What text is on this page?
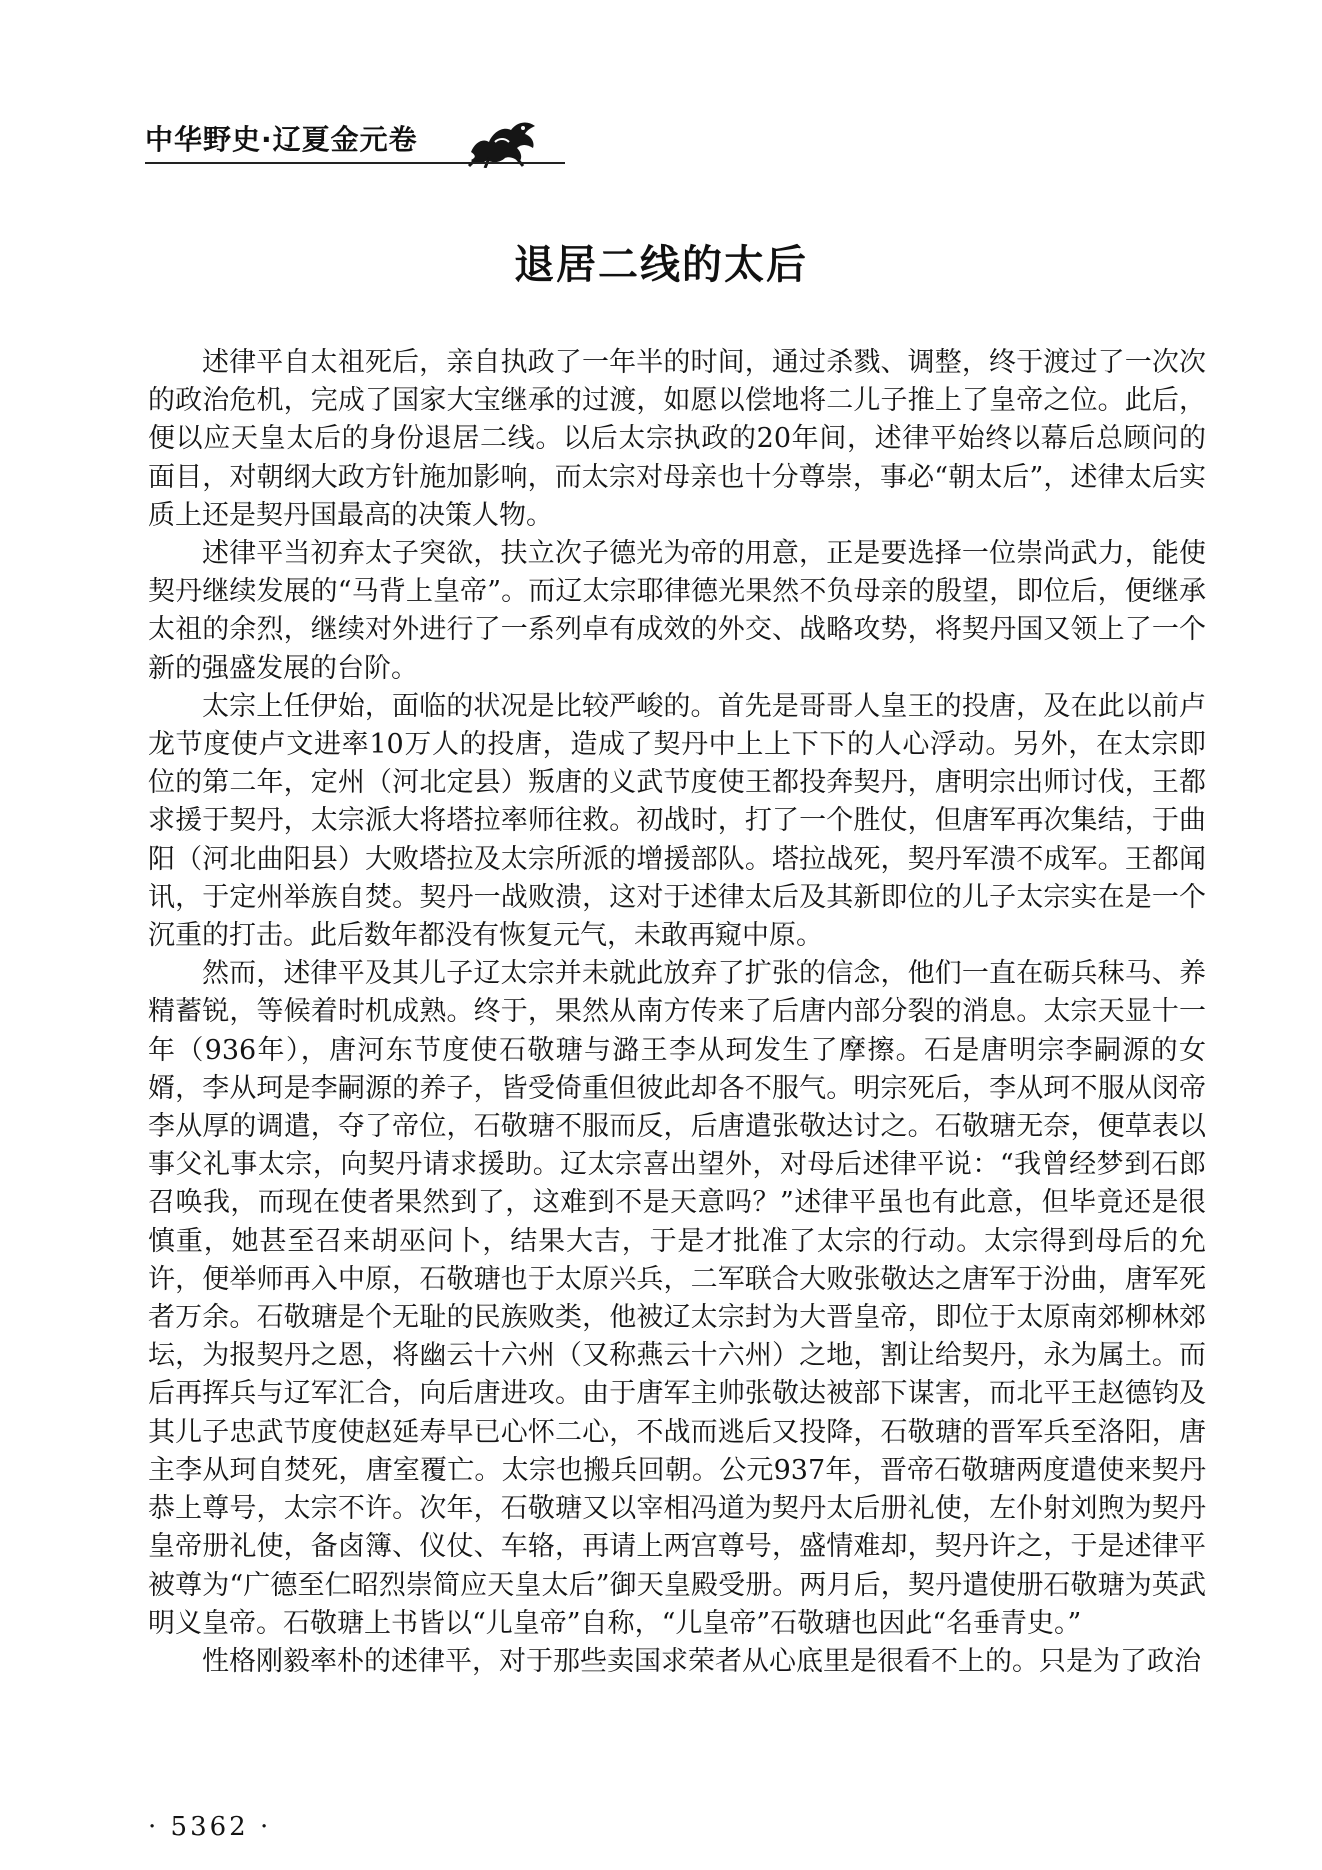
中华野史·辽夏金元卷
退居二线的太后

述律平自太祖死后，亲自执政了一年半的时间，通过杀戮、调整，终于渡过了一次次的政治危机，完成了国家大宝继承的过渡，如愿以偿地将二儿子推上了皇帝之位。此后，便以应天皇太后的身份退居二线。以后太宗执政的20年间，述律平始终以幕后总顾问的面目，对朝纲大政方针施加影响，而太宗对母亲也十分尊崇，事必“朝太后”，述律太后实质上还是契丹国最高的决策人物。

述律平当初弃太子突欲，扶立次子德光为帝的用意，正是要选择一位崇尚武力，能使契丹继续发展的“马背上皇帝”。而辽太宗耶律德光果然不负母亲的殷望，即位后，便继承太祖的余烈，继续对外进行了一系列卓有成效的外交、战略攻势，将契丹国又领上了一个新的强盛发展的台阶。

太宗上任伊始，面临的状况是比较严峻的。首先是哥哥人皇王的投唐，及在此以前卢龙节度使卢文进率10万人的投唐，造成了契丹中上上下下的人心浮动。另外，在太宗即位的第二年，定州（河北定县）叛唐的义武节度使王都投奔契丹，唐明宗出师讨伐，王都求援于契丹，太宗派大将塔拉率师往救。初战时，打了一个胜仗，但唐军再次集结，于曲阳（河北曲阳县）大败塔拉及太宗所派的增援部队。塔拉战死，契丹军溃不成军。王都闻讯，于定州举族自焚。契丹一战败溃，这对于述律太后及其新即位的儿子太宗实在是一个沉重的打击。此后数年都没有恢复元气，未敢再窥中原。

然而，述律平及其儿子辽太宗并未就此放弃了扩张的信念，他们一直在砺兵秣马、养精蓄锐，等候着时机成熟。终于，果然从南方传来了后唐内部分裂的消息。太宗天显十一年（936年），唐河东节度使石敬瑭与潞王李从珂发生了摩擦。石是唐明宗李嗣源的女婿，李从珂是李嗣源的养子，皆受倚重但彼此却各不服气。明宗死后，李从珂不服从闵帝李从厚的调遣，夺了帝位，石敬瑭不服而反，后唐遣张敬达讨之。石敬瑭无奈，便草表以事父礼事太宗，向契丹请求援助。辽太宗喜出望外，对母后述律平说：“我曾经梦到石郎召唤我，而现在使者果然到了，这难到不是天意吗？”述律平虽也有此意，但毕竟还是很慎重，她甚至召来胡巫问卜，结果大吉，于是才批准了太宗的行动。太宗得到母后的允许，便举师再入中原，石敬瑭也于太原兴兵，二军联合大败张敬达之唐军于汾曲，唐军死者万余。石敬瑭是个无耻的民族败类，他被辽太宗封为大晋皇帝，即位于太原南郊柳林郊坛，为报契丹之恩，将幽云十六州（又称燕云十六州）之地，割让给契丹，永为属土。而后再挥兵与辽军汇合，向后唐进攻。由于唐军主帅张敬达被部下谋害，而北平王赵德钧及其儿子忠武节度使赵延寿早已心怀二心，不战而逃后又投降，石敬瑭的晋军兵至洛阳，唐主李从珂自焚死，唐室覆亡。太宗也搬兵回朝。公元937年，晋帝石敬瑭两度遣使来契丹恭上尊号，太宗不许。次年，石敬瑭又以宰相冯道为契丹太后册礼使，左仆射刘煦为契丹皇帝册礼使，备卤簿、仪仗、车辂，再请上两宫尊号，盛情难却，契丹许之，于是述律平被尊为“广德至仁昭烈崇简应天皇太后”御天皇殿受册。两月后，契丹遣使册石敬瑭为英武明义皇帝。石敬瑭上书皆以“儿皇帝”自称，“儿皇帝”石敬瑭也因此“名垂青史。”

性格刚毅率朴的述律平，对于那些卖国求荣者从心底里是很看不上的。只是为了政治

· 5362 ·
